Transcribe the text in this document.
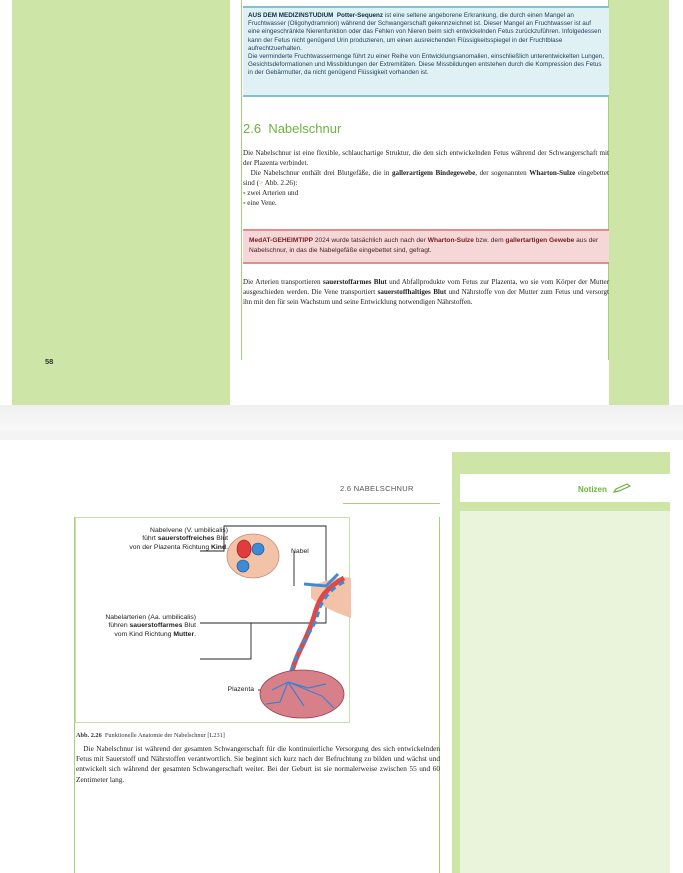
AUS DEM MEDIZINSTUDIUM Potter-Sequenz ist eine seltene angeborene Erkrankung, die durch einen Mangel an Fruchtwasser (Oligohydramnion) während der Schwangerschaft gekennzeichnet ist. Dieser Mangel an Fruchtwasser ist auf eine eingeschränkte Nierenfunktion oder das Fehlen von Nieren beim sich entwickelnden Fetus zurückzuführen. Infolgedessen kann der Fetus nicht genügend Urin produzieren, um einen ausreichenden Flüssigkeitsspiegel in der Fruchtblase aufrechtzuerhalten.
Die verminderte Fruchtwassermenge führt zu einer Reihe von Entwicklungsanomalien, einschließlich unterentwickelten Lungen, Gesichtsdeformationen und Missbildungen der Extremitäten. Diese Missbildungen entstehen durch die Kompression des Fetus in der Gebärmutter, da nicht genügend Flüssigkeit vorhanden ist.
2.6 Nabelschnur
Die Nabelschnur ist eine flexible, schlauchartige Struktur, die den sich entwickelnden Fetus während der Schwangerschaft mit der Plazenta verbindet.
Die Nabelschnur enthält drei Blutgefäße, die in gallerartigem Bindegewebe, der sogenannten Wharton-Sulze eingebettet sind (> Abb. 2.26):
▪ zwei Arterien und
▪ eine Vene.
MedAT-GEHEIMTIPP 2024 wurde tatsächlich auch nach der Wharton-Sulze bzw. dem gallertartigen Gewebe aus der Nabelschnur, in das die Nabelgefäße eingebettet sind, gefragt.
Die Arterien transportieren sauerstoffarmes Blut und Abfallprodukte vom Fetus zur Plazenta, wo sie vom Körper der Mutter ausgeschieden werden. Die Vene transportiert sauerstoffhaltiges Blut und Nährstoffe von der Mutter zum Fetus und versorgt ihn mit den für sein Wachstum und seine Entwicklung notwendigen Nährstoffen.
58
2.6 NABELSCHNUR	Notizen
Nabelvene (V. umbilicalis)
führt sauerstoffreiches Blut
von der Plazenta Richtung Kind.
Nabel
Nabelarterien (Aa. umbilicalis)
führen sauerstoffarmes Blut
vom Kind Richtung Mutter.
Plazenta
Abb. 2.26 Funktionelle Anatomie der Nabelschnur [L231]
Die Nabelschnur ist während der gesamten Schwangerschaft für die kontinuierliche Versorgung des sich entwickelnden Fetus mit Sauerstoff und Nährstoffen verantwortlich. Sie beginnt sich kurz nach der Befruchtung zu bilden und wächst und entwickelt sich während der gesamten Schwangerschaft weiter. Bei der Geburt ist sie normalerweise zwischen 55 und 60 Zentimeter lang.
